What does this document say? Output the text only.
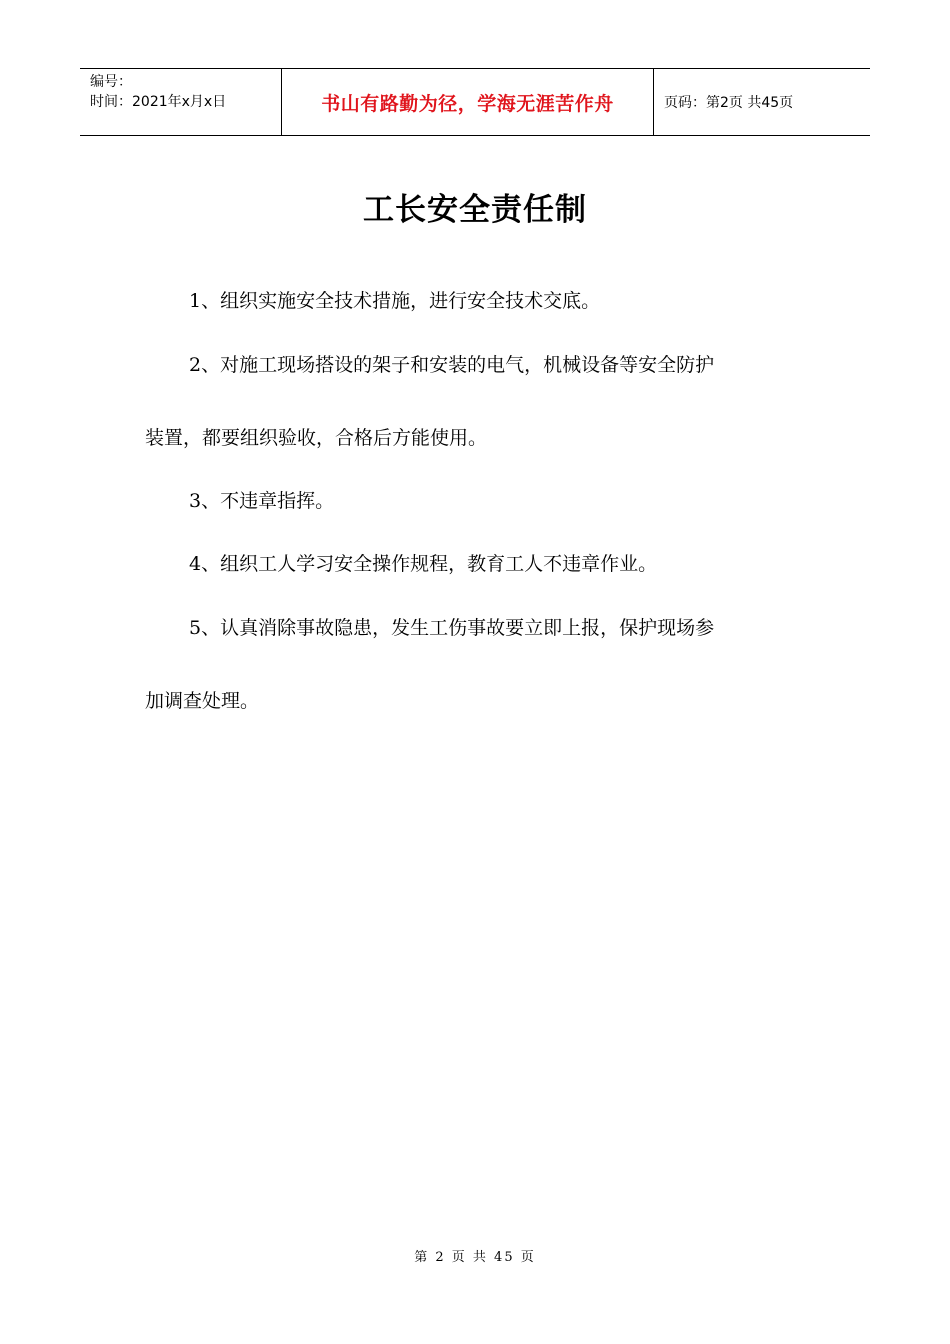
编号：
时间：2021年x月x日	书山有路勤为径，学海无涯苦作舟	页码：第2页 共45页
工长安全责任制
1、组织实施安全技术措施，进行安全技术交底。
2、对施工现场搭设的架子和安装的电气，机械设备等安全防护
装置，都要组织验收，合格后方能使用。
3、不违章指挥。
4、组织工人学习安全操作规程，教育工人不违章作业。
5、认真消除事故隐患，发生工伤事故要立即上报，保护现场参
加调查处理。
第 2 页 共 45 页
